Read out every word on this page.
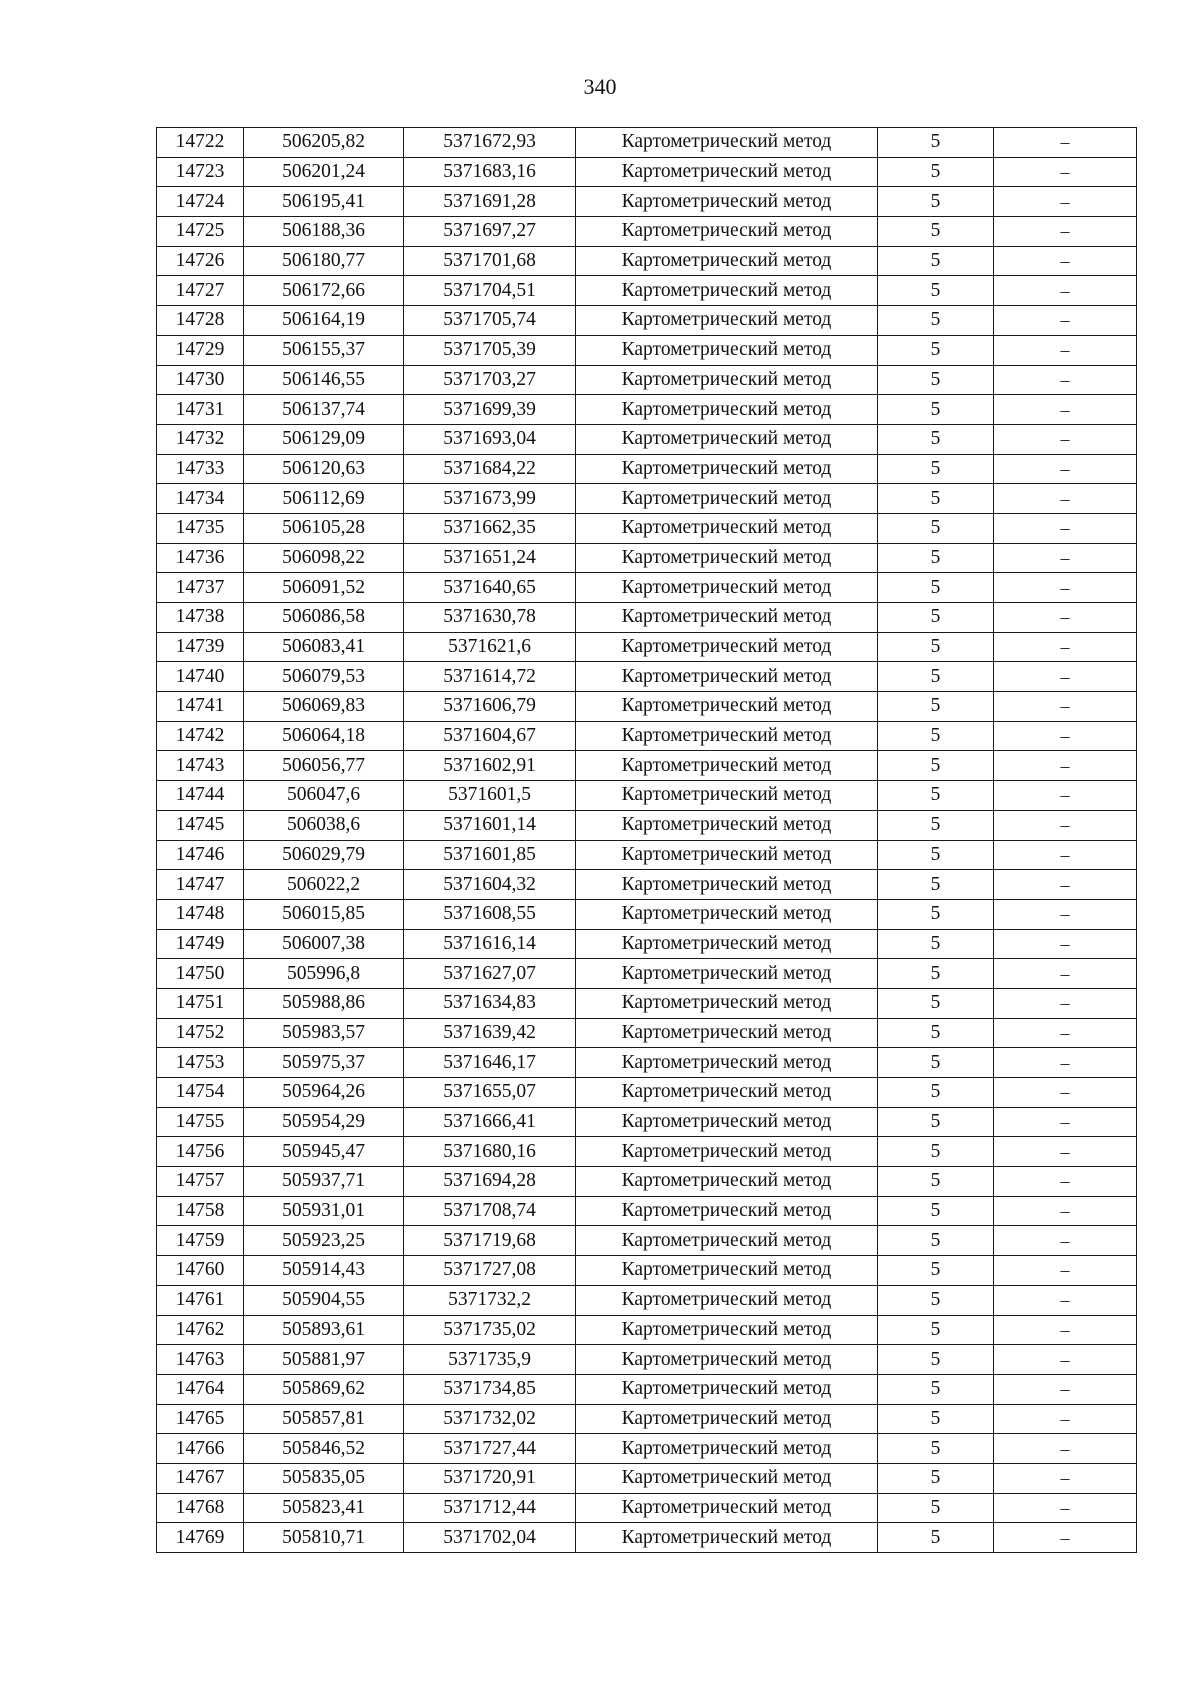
340
14722	506205,82	5371672,93	Картометрический метод	5	–
14723	506201,24	5371683,16	Картометрический метод	5	–
14724	506195,41	5371691,28	Картометрический метод	5	–
14725	506188,36	5371697,27	Картометрический метод	5	–
14726	506180,77	5371701,68	Картометрический метод	5	–
14727	506172,66	5371704,51	Картометрический метод	5	–
14728	506164,19	5371705,74	Картометрический метод	5	–
14729	506155,37	5371705,39	Картометрический метод	5	–
14730	506146,55	5371703,27	Картометрический метод	5	–
14731	506137,74	5371699,39	Картометрический метод	5	–
14732	506129,09	5371693,04	Картометрический метод	5	–
14733	506120,63	5371684,22	Картометрический метод	5	–
14734	506112,69	5371673,99	Картометрический метод	5	–
14735	506105,28	5371662,35	Картометрический метод	5	–
14736	506098,22	5371651,24	Картометрический метод	5	–
14737	506091,52	5371640,65	Картометрический метод	5	–
14738	506086,58	5371630,78	Картометрический метод	5	–
14739	506083,41	5371621,6	Картометрический метод	5	–
14740	506079,53	5371614,72	Картометрический метод	5	–
14741	506069,83	5371606,79	Картометрический метод	5	–
14742	506064,18	5371604,67	Картометрический метод	5	–
14743	506056,77	5371602,91	Картометрический метод	5	–
14744	506047,6	5371601,5	Картометрический метод	5	–
14745	506038,6	5371601,14	Картометрический метод	5	–
14746	506029,79	5371601,85	Картометрический метод	5	–
14747	506022,2	5371604,32	Картометрический метод	5	–
14748	506015,85	5371608,55	Картометрический метод	5	–
14749	506007,38	5371616,14	Картометрический метод	5	–
14750	505996,8	5371627,07	Картометрический метод	5	–
14751	505988,86	5371634,83	Картометрический метод	5	–
14752	505983,57	5371639,42	Картометрический метод	5	–
14753	505975,37	5371646,17	Картометрический метод	5	–
14754	505964,26	5371655,07	Картометрический метод	5	–
14755	505954,29	5371666,41	Картометрический метод	5	–
14756	505945,47	5371680,16	Картометрический метод	5	–
14757	505937,71	5371694,28	Картометрический метод	5	–
14758	505931,01	5371708,74	Картометрический метод	5	–
14759	505923,25	5371719,68	Картометрический метод	5	–
14760	505914,43	5371727,08	Картометрический метод	5	–
14761	505904,55	5371732,2	Картометрический метод	5	–
14762	505893,61	5371735,02	Картометрический метод	5	–
14763	505881,97	5371735,9	Картометрический метод	5	–
14764	505869,62	5371734,85	Картометрический метод	5	–
14765	505857,81	5371732,02	Картометрический метод	5	–
14766	505846,52	5371727,44	Картометрический метод	5	–
14767	505835,05	5371720,91	Картометрический метод	5	–
14768	505823,41	5371712,44	Картометрический метод	5	–
14769	505810,71	5371702,04	Картометрический метод	5	–
